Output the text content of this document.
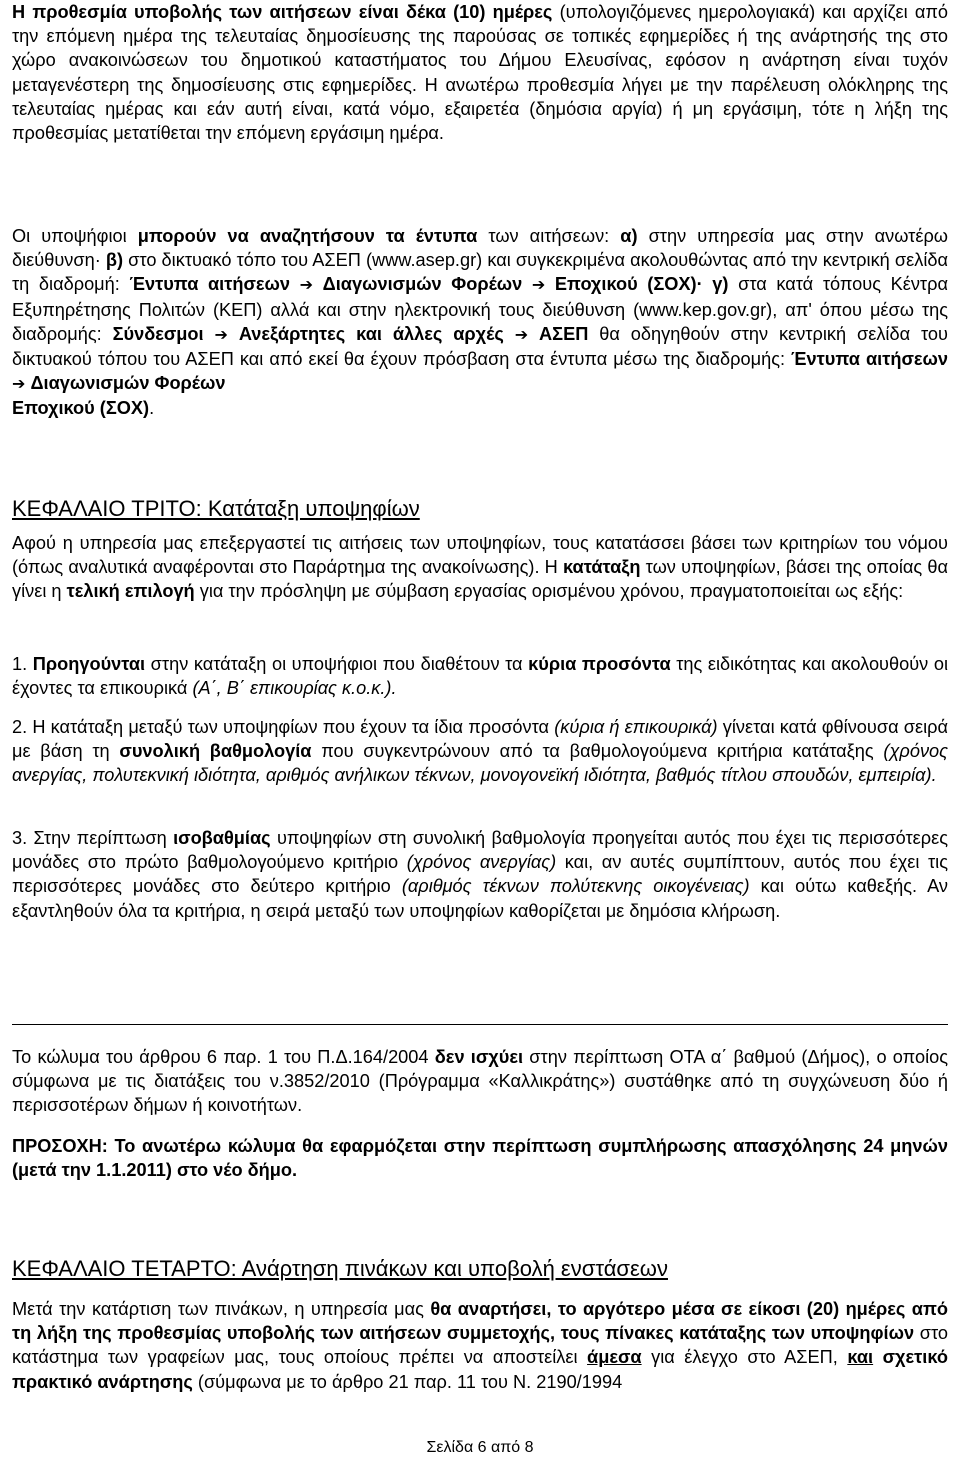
Η προθεσμία υποβολής των αιτήσεων είναι δέκα (10) ημέρες (υπολογιζόμενες ημερολογιακά) και αρχίζει από την επόμενη ημέρα της τελευταίας δημοσίευσης της παρούσας σε τοπικές εφημερίδες ή της ανάρτησής της στο χώρο ανακοινώσεων του δημοτικού καταστήματος του Δήμου Ελευσίνας, εφόσον η ανάρτηση είναι τυχόν μεταγενέστερη της δημοσίευσης στις εφημερίδες. Η ανωτέρω προθεσμία λήγει με την παρέλευση ολόκληρης της τελευταίας ημέρας και εάν αυτή είναι, κατά νόμο, εξαιρετέα (δημόσια αργία) ή μη εργάσιμη, τότε η λήξη της προθεσμίας μετατίθεται την επόμενη εργάσιμη ημέρα.

Οι υποψήφιοι μπορούν να αναζητήσουν τα έντυπα των αιτήσεων: α) στην υπηρεσία μας στην ανωτέρω διεύθυνση· β) στο δικτυακό τόπο του ΑΣΕΠ (www.asep.gr) και συγκεκριμένα ακολουθώντας από την κεντρική σελίδα τη διαδρομή: Έντυπα αιτήσεων ➔ Διαγωνισμών Φορέων ➔ Εποχικού (ΣΟΧ)· γ) στα κατά τόπους Κέντρα Εξυπηρέτησης Πολιτών (ΚΕΠ) αλλά και στην ηλεκτρονική τους διεύθυνση (www.kep.gov.gr), απ' όπου μέσω της διαδρομής: Σύνδεσμοι ➔ Ανεξάρτητες και άλλες αρχές ➔ ΑΣΕΠ θα οδηγηθούν στην κεντρική σελίδα του δικτυακού τόπου του ΑΣΕΠ και από εκεί θα έχουν πρόσβαση στα έντυπα μέσω της διαδρομής: Έντυπα αιτήσεων ➔ Διαγωνισμών Φορέων
Εποχικού (ΣΟΧ).

ΚΕΦΑΛΑΙΟ ΤΡΙΤΟ: Κατάταξη υποψηφίων

Αφού η υπηρεσία μας επεξεργαστεί τις αιτήσεις των υποψηφίων, τους κατατάσσει βάσει των κριτηρίων του νόμου (όπως αναλυτικά αναφέρονται στο Παράρτημα της ανακοίνωσης). Η κατάταξη των υποψηφίων, βάσει της οποίας θα γίνει η τελική επιλογή για την πρόσληψη με σύμβαση εργασίας ορισμένου χρόνου, πραγματοποιείται ως εξής:

1. Προηγούνται στην κατάταξη οι υποψήφιοι που διαθέτουν τα κύρια προσόντα της ειδικότητας και ακολουθούν οι έχοντες τα επικουρικά (Α΄, Β΄ επικουρίας κ.ο.κ.).

2. Η κατάταξη μεταξύ των υποψηφίων που έχουν τα ίδια προσόντα (κύρια ή επικουρικά) γίνεται κατά φθίνουσα σειρά με βάση τη συνολική βαθμολογία που συγκεντρώνουν από τα βαθμολογούμενα κριτήρια κατάταξης (χρόνος ανεργίας, πολυτεκνική ιδιότητα, αριθμός ανήλικων τέκνων, μονογονεϊκή ιδιότητα, βαθμός τίτλου σπουδών, εμπειρία).

3. Στην περίπτωση ισοβαθμίας υποψηφίων στη συνολική βαθμολογία προηγείται αυτός που έχει τις περισσότερες μονάδες στο πρώτο βαθμολογούμενο κριτήριο (χρόνος ανεργίας) και, αν αυτές συμπίπτουν, αυτός που έχει τις περισσότερες μονάδες στο δεύτερο κριτήριο (αριθμός τέκνων πολύτεκνης οικογένειας) και ούτω καθεξής. Αν εξαντληθούν όλα τα κριτήρια, η σειρά μεταξύ των υποψηφίων καθορίζεται με δημόσια κλήρωση.

Το κώλυμα του άρθρου 6 παρ. 1 του Π.Δ.164/2004 δεν ισχύει στην περίπτωση ΟΤΑ α΄ βαθμού (Δήμος), ο οποίος σύμφωνα με τις διατάξεις του ν.3852/2010 (Πρόγραμμα «Καλλικράτης») συστάθηκε από τη συγχώνευση δύο ή περισσοτέρων δήμων ή κοινοτήτων.

ΠΡΟΣΟΧΗ: Το ανωτέρω κώλυμα θα εφαρμόζεται στην περίπτωση συμπλήρωσης απασχόλησης 24 μηνών (μετά την 1.1.2011) στο νέο δήμο.

ΚΕΦΑΛΑΙΟ ΤΕΤΑΡΤΟ: Ανάρτηση πινάκων και υποβολή ενστάσεων

Μετά την κατάρτιση των πινάκων, η υπηρεσία μας θα αναρτήσει, το αργότερο μέσα σε είκοσι (20) ημέρες από τη λήξη της προθεσμίας υποβολής των αιτήσεων συμμετοχής, τους πίνακες κατάταξης των υποψηφίων στο κατάστημα των γραφείων μας, τους οποίους πρέπει να αποστείλει άμεσα για έλεγχο στο ΑΣΕΠ, και σχετικό πρακτικό ανάρτησης (σύμφωνα με το άρθρο 21 παρ. 11 του Ν. 2190/1994

Σελίδα 6 από 8
